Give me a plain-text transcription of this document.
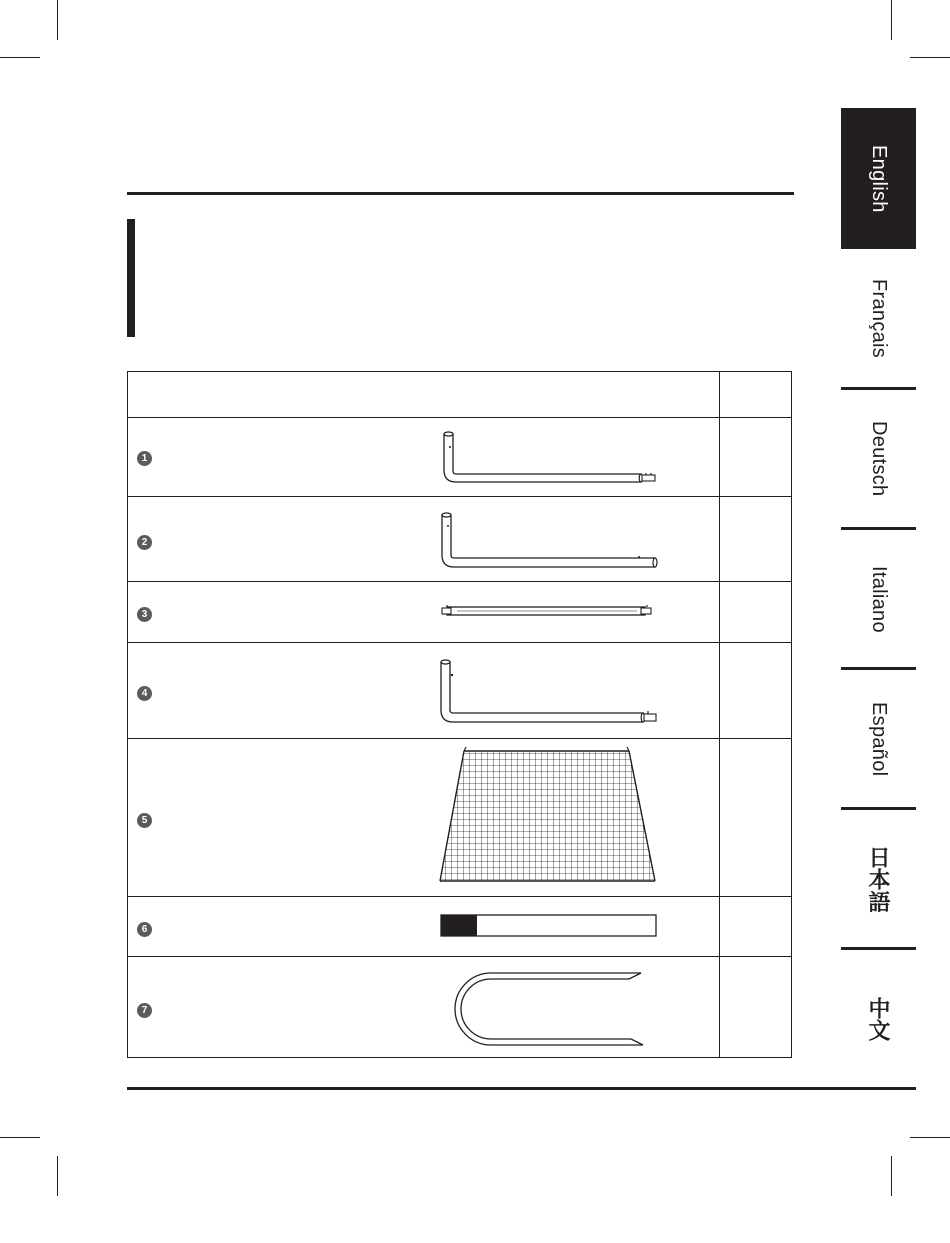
1
2
3
4
5
6
7
English
Français
Deutsch
Italiano
Español
日本語
中文
